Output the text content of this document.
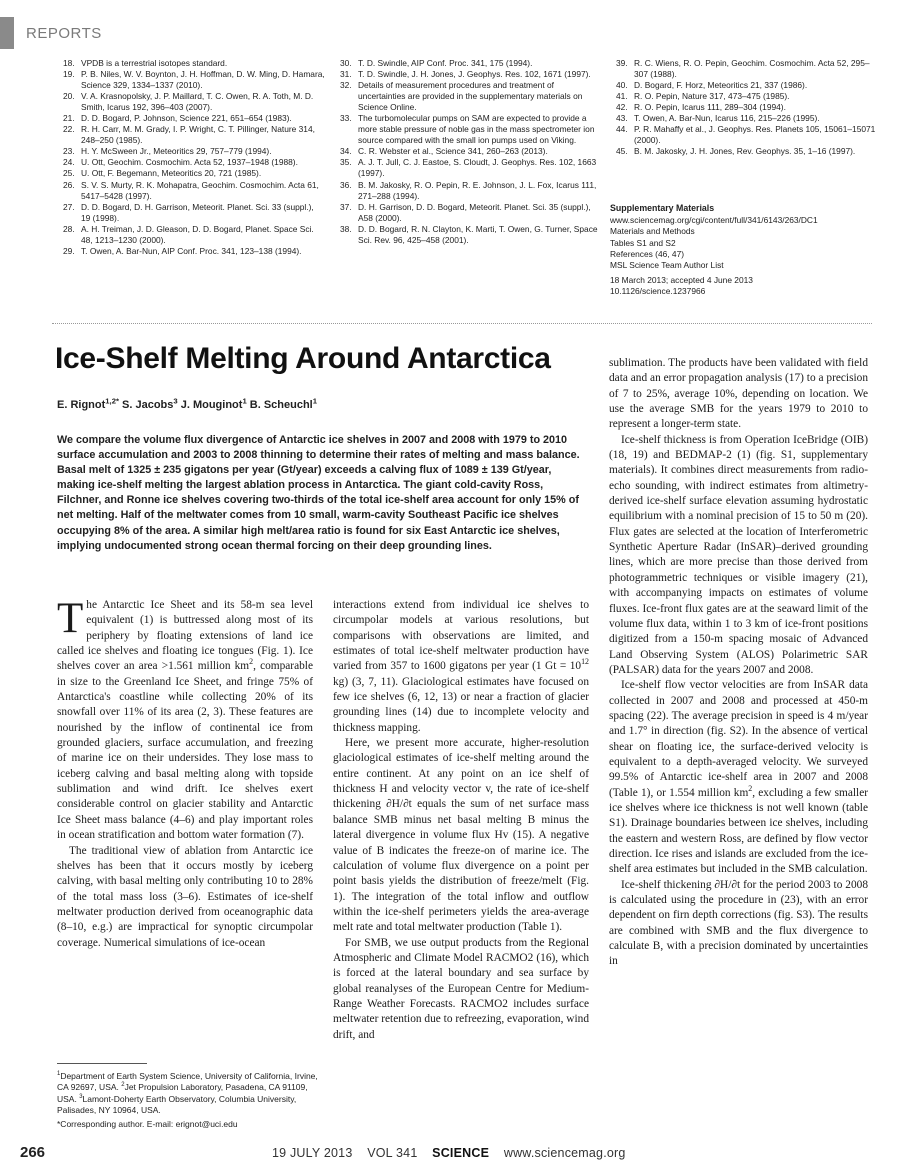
REPORTS
18. VPDB is a terrestrial isotopes standard.
19. P. B. Niles, W. V. Boynton, J. H. Hoffman, D. W. Ming, D. Hamara, Science 329, 1334–1337 (2010).
20. V. A. Krasnopolsky, J. P. Maillard, T. C. Owen, R. A. Toth, M. D. Smith, Icarus 192, 396–403 (2007).
21. D. D. Bogard, P. Johnson, Science 221, 651–654 (1983).
22. R. H. Carr, M. M. Grady, I. P. Wright, C. T. Pillinger, Nature 314, 248–250 (1985).
23. H. Y. McSween Jr., Meteoritics 29, 757–779 (1994).
24. U. Ott, Geochim. Cosmochim. Acta 52, 1937–1948 (1988).
25. U. Ott, F. Begemann, Meteoritics 20, 721 (1985).
26. S. V. S. Murty, R. K. Mohapatra, Geochim. Cosmochim. Acta 61, 5417–5428 (1997).
27. D. D. Bogard, D. H. Garrison, Meteorit. Planet. Sci. 33 (suppl.), 19 (1998).
28. A. H. Treiman, J. D. Gleason, D. D. Bogard, Planet. Space Sci. 48, 1213–1230 (2000).
29. T. Owen, A. Bar-Nun, AIP Conf. Proc. 341, 123–138 (1994).
30. T. D. Swindle, AIP Conf. Proc. 341, 175 (1994).
31. T. D. Swindle, J. H. Jones, J. Geophys. Res. 102, 1671 (1997).
32. Details of measurement procedures and treatment of uncertainties are provided in the supplementary materials on Science Online.
33. The turbomolecular pumps on SAM are expected to provide a more stable pressure of noble gas in the mass spectrometer ion source compared with the small ion pumps used on Viking.
34. C. R. Webster et al., Science 341, 260–263 (2013).
35. A. J. T. Jull, C. J. Eastoe, S. Cloudt, J. Geophys. Res. 102, 1663 (1997).
36. B. M. Jakosky, R. O. Pepin, R. E. Johnson, J. L. Fox, Icarus 111, 271–288 (1994).
37. D. H. Garrison, D. D. Bogard, Meteorit. Planet. Sci. 35 (suppl.), A58 (2000).
38. D. D. Bogard, R. N. Clayton, K. Marti, T. Owen, G. Turner, Space Sci. Rev. 96, 425–458 (2001).
39. R. C. Wiens, R. O. Pepin, Geochim. Cosmochim. Acta 52, 295–307 (1988).
40. D. Bogard, F. Horz, Meteoritics 21, 337 (1986).
41. R. O. Pepin, Nature 317, 473–475 (1985).
42. R. O. Pepin, Icarus 111, 289–304 (1994).
43. T. Owen, A. Bar-Nun, Icarus 116, 215–226 (1995).
44. P. R. Mahaffy et al., J. Geophys. Res. Planets 105, 15061–15071 (2000).
45. B. M. Jakosky, J. H. Jones, Rev. Geophys. 35, 1–16 (1997).
Supplementary Materials
www.sciencemag.org/cgi/content/full/341/6143/263/DC1
Materials and Methods
Tables S1 and S2
References (46, 47)
MSL Science Team Author List
18 March 2013; accepted 4 June 2013
10.1126/science.1237966
Ice-Shelf Melting Around Antarctica
E. Rignot$^{1,2*}$ S. Jacobs$^3$ J. Mouginot$^1$ B. Scheuchl$^1$
We compare the volume flux divergence of Antarctic ice shelves in 2007 and 2008 with 1979 to 2010 surface accumulation and 2003 to 2008 thinning to determine their rates of melting and mass balance. Basal melt of 1325 ± 235 gigatons per year (Gt/year) exceeds a calving flux of 1089 ± 139 Gt/year, making ice-shelf melting the largest ablation process in Antarctica. The giant cold-cavity Ross, Filchner, and Ronne ice shelves covering two-thirds of the total ice-shelf area account for only 15% of net melting. Half of the meltwater comes from 10 small, warm-cavity Southeast Pacific ice shelves occupying 8% of the area. A similar high melt/area ratio is found for six East Antarctic ice shelves, implying undocumented strong ocean thermal forcing on their deep grounding lines.

The Antarctic Ice Sheet and its 58-m sea level equivalent (1) is buttressed along most of its periphery by floating extensions of land ice called ice shelves and floating ice tongues (Fig. 1). Ice shelves cover an area >1.561 million $km^2$, comparable in size to the Greenland Ice Sheet, and fringe 75% of Antarctica's coastline while collecting 20% of its snowfall over 11% of its area (2, 3). These features are nourished by the inflow of continental ice from grounded glaciers, surface accumulation, and freezing of marine ice on their undersides. They lose mass to iceberg calving and basal melting along with topside sublimation and wind drift. Ice shelves exert considerable control on glacier stability and Antarctic Ice Sheet mass balance (4–6) and play important roles in ocean stratification and bottom water formation (7).

The traditional view of ablation from Antarctic ice shelves has been that it occurs mostly by iceberg calving, with basal melting only contributing 10 to 28% of the total mass loss (3–6). Estimates of ice-shelf meltwater production derived from oceanographic data (8–10, e.g.) are impractical for synoptic circumpolar coverage. Numerical simulations of ice-ocean

interactions extend from individual ice shelves to circumpolar models at various resolutions, but comparisons with observations are limited, and estimates of total ice-shelf meltwater production have varied from 357 to 1600 gigatons per year (1 $Gt = 10^{12}$ kg) (3, 7, 11). Glaciological estimates have focused on few ice shelves (6, 12, 13) or near a fraction of glacier grounding lines (14) due to incomplete velocity and thickness mapping.

Here, we present more accurate, higher-resolution glaciological estimates of ice-shelf melting around the entire continent. At any point on an ice shelf of thickness H and velocity vector v, the rate of ice-shelf thickening ∂H/∂t equals the sum of net surface mass balance SMB minus net basal melting B minus the lateral divergence in volume flux Hv (15). A negative value of B indicates the freeze-on of marine ice. The calculation of volume flux divergence on a point per point basis yields the distribution of freeze/melt (Fig. 1). The integration of the total inflow and outflow within the ice-shelf perimeters yields the area-average melt rate and total meltwater production (Table 1).

For SMB, we use output products from the Regional Atmospheric and Climate Model RACMO2 (16), which is forced at the lateral boundary and sea surface by global reanalyses of the European Centre for Medium-Range Weather Forecasts. RACMO2 includes surface meltwater retention due to refreezing, evaporation, wind drift, and

sublimation. The products have been validated with field data and an error propagation analysis (17) to a precision of 7 to 25%, average 10%, depending on location. We use the average SMB for the years 1979 to 2010 to represent a longer-term state.

Ice-shelf thickness is from Operation IceBridge (OIB) (18, 19) and BEDMAP-2 (1) (fig. S1, supplementary materials). It combines direct measurements from radio-echo sounding, with indirect estimates from altimetry-derived ice-shelf surface elevation assuming hydrostatic equilibrium with a nominal precision of 15 to 50 m (20). Flux gates are selected at the location of Interferometric Synthetic Aperture Radar (InSAR)–derived grounding lines, which are more precise than those derived from photogrammetric techniques or visible imagery (21), with accompanying impacts on estimates of volume fluxes. Ice-front flux gates are at the seaward limit of the volume flux data, within 1 to 3 km of ice-front positions digitized from a 150-m spacing mosaic of Advanced Land Observing System (ALOS) Polarimetric SAR (PALSAR) data for the years 2007 and 2008.

Ice-shelf flow vector velocities are from InSAR data collected in 2007 and 2008 and processed at 450-m spacing (22). The average precision in speed is 4 m/year and 1.7° in direction (fig. S2). In the absence of vertical shear on floating ice, the surface-derived velocity is equivalent to a depth-averaged velocity. We surveyed 99.5% of Antarctic ice-shelf area in 2007 and 2008 (Table 1), or 1.554 million $km^2$, excluding a few smaller ice shelves where ice thickness is not well known (table S1). Drainage boundaries between ice shelves, including the eastern and western Ross, are defined by flow vector direction. Ice rises and islands are excluded from the ice-shelf area estimates but included in the SMB calculation.

Ice-shelf thickening ∂H/∂t for the period 2003 to 2008 is calculated using the procedure in (23), with an error dependent on firn depth corrections (fig. S3). The results are combined with SMB and the flux divergence to calculate B, with a precision dominated by uncertainties in

$^1$Department of Earth System Science, University of California, Irvine, CA 92697, USA. $^2$Jet Propulsion Laboratory, Pasadena, CA 91109, USA. $^3$Lamont-Doherty Earth Observatory, Columbia University, Palisades, NY 10964, USA.
*Corresponding author. E-mail: erignot@uci.edu
266	19 JULY 2013 VOL 341 SCIENCE www.sciencemag.org
